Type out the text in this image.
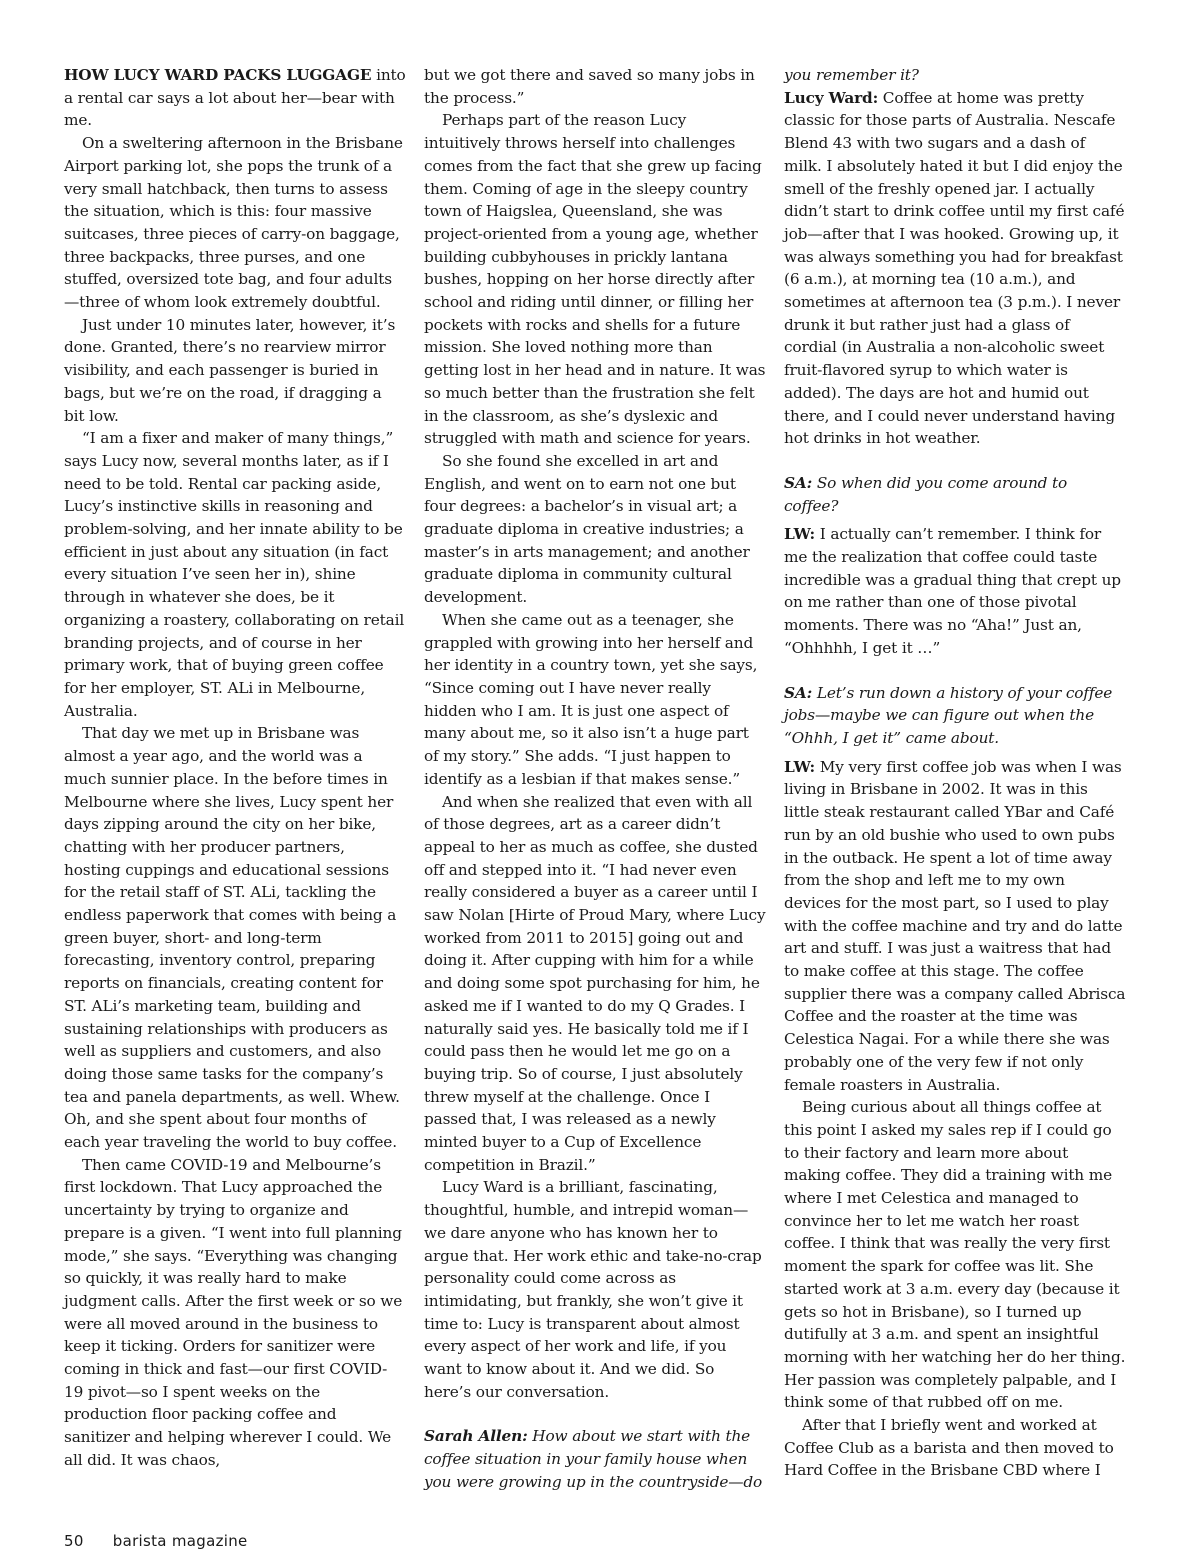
HOW LUCY WARD PACKS LUGGAGE into a rental car says a lot about her—bear with me.

On a sweltering afternoon in the Brisbane Airport parking lot, she pops the trunk of a very small hatchback, then turns to assess the situation, which is this: four massive suitcases, three pieces of carry-on baggage, three backpacks, three purses, and one stuffed, oversized tote bag, and four adults—three of whom look extremely doubtful.

Just under 10 minutes later, however, it’s done. Granted, there’s no rearview mirror visibility, and each passenger is buried in bags, but we’re on the road, if dragging a bit low.

“I am a fixer and maker of many things,” says Lucy now, several months later, as if I need to be told. Rental car packing aside, Lucy’s instinctive skills in reasoning and problem-solving, and her innate ability to be efficient in just about any situation (in fact every situation I’ve seen her in), shine through in whatever she does, be it organizing a roastery, collaborating on retail branding projects, and of course in her primary work, that of buying green coffee for her employer, ST. ALi in Melbourne, Australia.

That day we met up in Brisbane was almost a year ago, and the world was a much sunnier place. In the before times in Melbourne where she lives, Lucy spent her days zipping around the city on her bike, chatting with her producer partners, hosting cuppings and educational sessions for the retail staff of ST. ALi, tackling the endless paperwork that comes with being a green buyer, short- and long-term forecasting, inventory control, preparing reports on financials, creating content for ST. ALi’s marketing team, building and sustaining relationships with producers as well as suppliers and customers, and also doing those same tasks for the company’s tea and panela departments, as well. Whew. Oh, and she spent about four months of each year traveling the world to buy coffee.

Then came COVID-19 and Melbourne’s first lockdown. That Lucy approached the uncertainty by trying to organize and prepare is a given. “I went into full planning mode,” she says. “Everything was changing so quickly, it was really hard to make judgment calls. After the first week or so we were all moved around in the business to keep it ticking. Orders for sanitizer were coming in thick and fast—our first COVID-19 pivot—so I spent weeks on the production floor packing coffee and sanitizer and helping wherever I could. We all did. It was chaos,

but we got there and saved so many jobs in the process.”

Perhaps part of the reason Lucy intuitively throws herself into challenges comes from the fact that she grew up facing them. Coming of age in the sleepy country town of Haigslea, Queensland, she was project-oriented from a young age, whether building cubbyhouses in prickly lantana bushes, hopping on her horse directly after school and riding until dinner, or filling her pockets with rocks and shells for a future mission. She loved nothing more than getting lost in her head and in nature. It was so much better than the frustration she felt in the classroom, as she’s dyslexic and struggled with math and science for years.

So she found she excelled in art and English, and went on to earn not one but four degrees: a bachelor’s in visual art; a graduate diploma in creative industries; a master’s in arts management; and another graduate diploma in community cultural development.

When she came out as a teenager, she grappled with growing into her herself and her identity in a country town, yet she says, “Since coming out I have never really hidden who I am. It is just one aspect of many about me, so it also isn’t a huge part of my story.” She adds. “I just happen to identify as a lesbian if that makes sense.”

And when she realized that even with all of those degrees, art as a career didn’t appeal to her as much as coffee, she dusted off and stepped into it. “I had never even really considered a buyer as a career until I saw Nolan [Hirte of Proud Mary, where Lucy worked from 2011 to 2015] going out and doing it. After cupping with him for a while and doing some spot purchasing for him, he asked me if I wanted to do my Q Grades. I naturally said yes. He basically told me if I could pass then he would let me go on a buying trip. So of course, I just absolutely threw myself at the challenge. Once I passed that, I was released as a newly minted buyer to a Cup of Excellence competition in Brazil.”

Lucy Ward is a brilliant, fascinating, thoughtful, humble, and intrepid woman—we dare anyone who has known her to argue that. Her work ethic and take-no-crap personality could come across as intimidating, but frankly, she won’t give it time to: Lucy is transparent about almost every aspect of her work and life, if you want to know about it. And we did. So here’s our conversation.

Sarah Allen: How about we start with the coffee situation in your family house when you were growing up in the countryside—do

you remember it?

Lucy Ward: Coffee at home was pretty classic for those parts of Australia. Nescafe Blend 43 with two sugars and a dash of milk. I absolutely hated it but I did enjoy the smell of the freshly opened jar. I actually didn’t start to drink coffee until my first café job—after that I was hooked. Growing up, it was always something you had for breakfast (6 a.m.), at morning tea (10 a.m.), and sometimes at afternoon tea (3 p.m.). I never drunk it but rather just had a glass of cordial (in Australia a non-alcoholic sweet fruit-flavored syrup to which water is added). The days are hot and humid out there, and I could never understand having hot drinks in hot weather.

SA: So when did you come around to coffee?

LW: I actually can’t remember. I think for me the realization that coffee could taste incredible was a gradual thing that crept up on me rather than one of those pivotal moments. There was no “Aha!” Just an, “Ohhhhh, I get it …”

SA: Let’s run down a history of your coffee jobs—maybe we can figure out when the “Ohhh, I get it” came about.

LW: My very first coffee job was when I was living in Brisbane in 2002. It was in this little steak restaurant called YBar and Café run by an old bushie who used to own pubs in the outback. He spent a lot of time away from the shop and left me to my own devices for the most part, so I used to play with the coffee machine and try and do latte art and stuff. I was just a waitress that had to make coffee at this stage. The coffee supplier there was a company called Abrisca Coffee and the roaster at the time was Celestica Nagai. For a while there she was probably one of the very few if not only female roasters in Australia.

Being curious about all things coffee at this point I asked my sales rep if I could go to their factory and learn more about making coffee. They did a training with me where I met Celestica and managed to convince her to let me watch her roast coffee. I think that was really the very first moment the spark for coffee was lit. She started work at 3 a.m. every day (because it gets so hot in Brisbane), so I turned up dutifully at 3 a.m. and spent an insightful morning with her watching her do her thing. Her passion was completely palpable, and I think some of that rubbed off on me.

After that I briefly went and worked at Coffee Club as a barista and then moved to Hard Coffee in the Brisbane CBD where I

50 barista magazine
